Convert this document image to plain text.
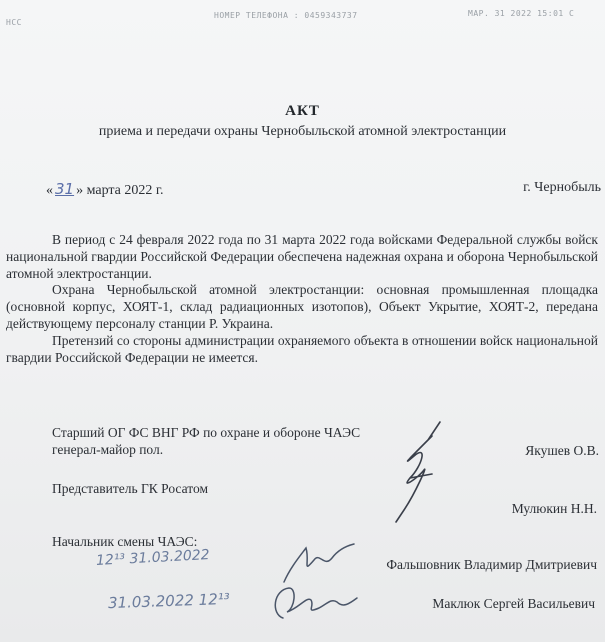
НСС
НОМЕР ТЕЛЕФОНА : 0459343737	МАР. 31 2022 15:01 С
АКТ
приема и передачи охраны Чернобыльской атомной электростанции
« 31 » марта 2022 г.	г. Чернобыль

В период с 24 февраля 2022 года по 31 марта 2022 года войсками Федеральной службы войск национальной гвардии Российской Федерации обеспечена надежная охрана и оборона Чернобыльской атомной электростанции.

Охрана Чернобыльской атомной электростанции: основная промышленная площадка (основной корпус, ХОЯТ-1, склад радиационных изотопов), Объект Укрытие, ХОЯТ-2, передана действующему персоналу станции Р. Украина.

Претензий со стороны администрации охраняемого объекта в отношении войск национальной гвардии Российской Федерации не имеется.

Старший ОГ ФС ВНГ РФ по охране и обороне ЧАЭС
генерал-майор пол.	Якушев О.В.
Представитель ГК Росатом
Мулюкин Н.Н.
Начальник смены ЧАЭС:
Фальшовник Владимир Дмитриевич
Маклюк Сергей Васильевич
12¹³ 31.03.2022
31.03.2022 12¹³
